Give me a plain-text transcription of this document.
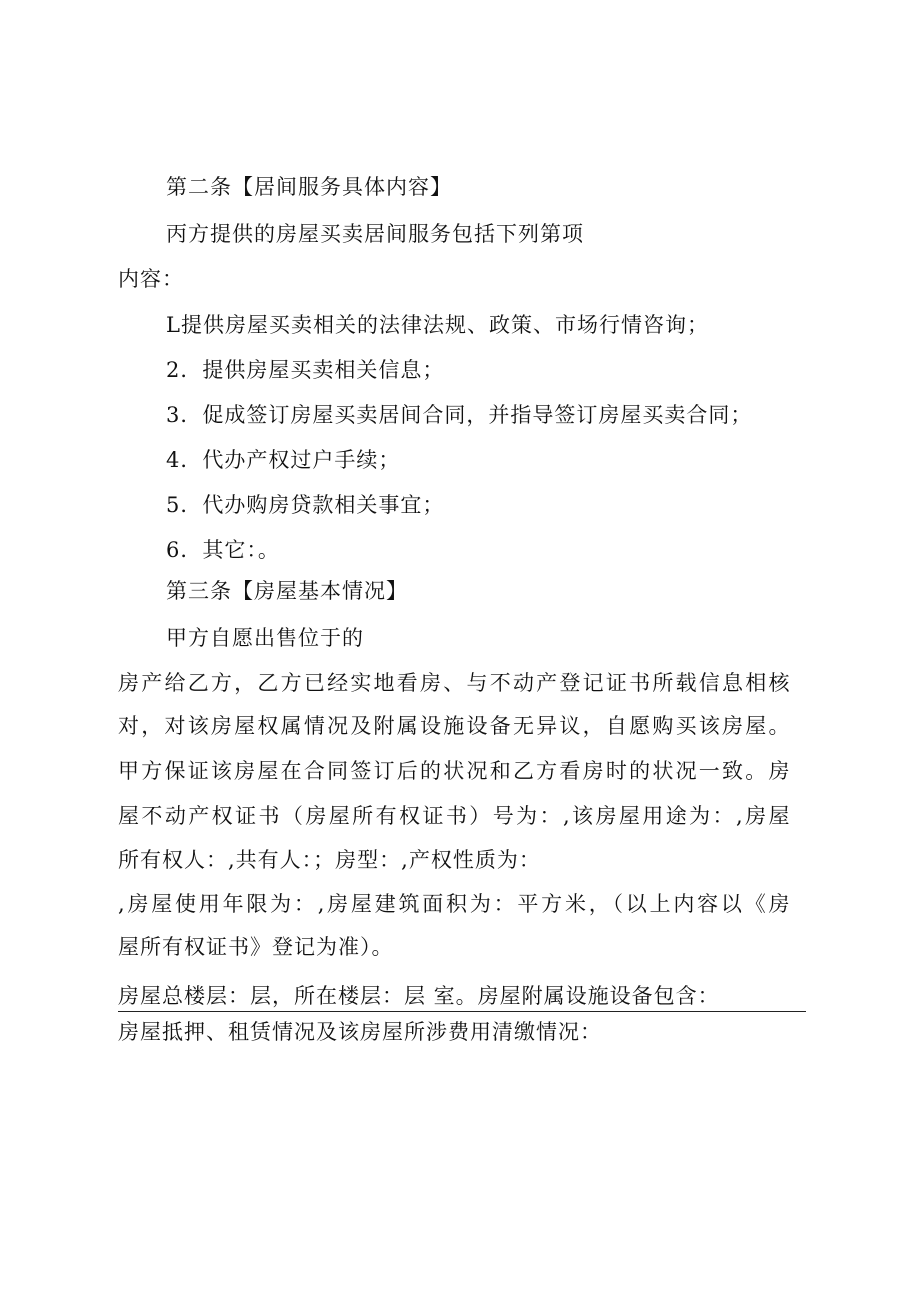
第二条【居间服务具体内容】
丙方提供的房屋买卖居间服务包括下列第项
内容：
L提供房屋买卖相关的法律法规、政策、市场行情咨询；
2．提供房屋买卖相关信息；
3．促成签订房屋买卖居间合同，并指导签订房屋买卖合同；
4．代办产权过户手续；
5．代办购房贷款相关事宜；
6．其它：。
第三条【房屋基本情况】
甲方自愿出售位于的
房产给乙方，乙方已经实地看房、与不动产登记证书所载信息相核
对，对该房屋权属情况及附属设施设备无异议，自愿购买该房屋。
甲方保证该房屋在合同签订后的状况和乙方看房时的状况一致。房
屋不动产权证书（房屋所有权证书）号为：,该房屋用途为：,房屋
所有权人：,共有人：；房型：,产权性质为：
,房屋使用年限为：,房屋建筑面积为：平方米，（以上内容以《房
屋所有权证书》登记为准）。
房屋总楼层：层，所在楼层：层 室。房屋附属设施设备包含：
房屋抵押、租赁情况及该房屋所涉费用清缴情况：
